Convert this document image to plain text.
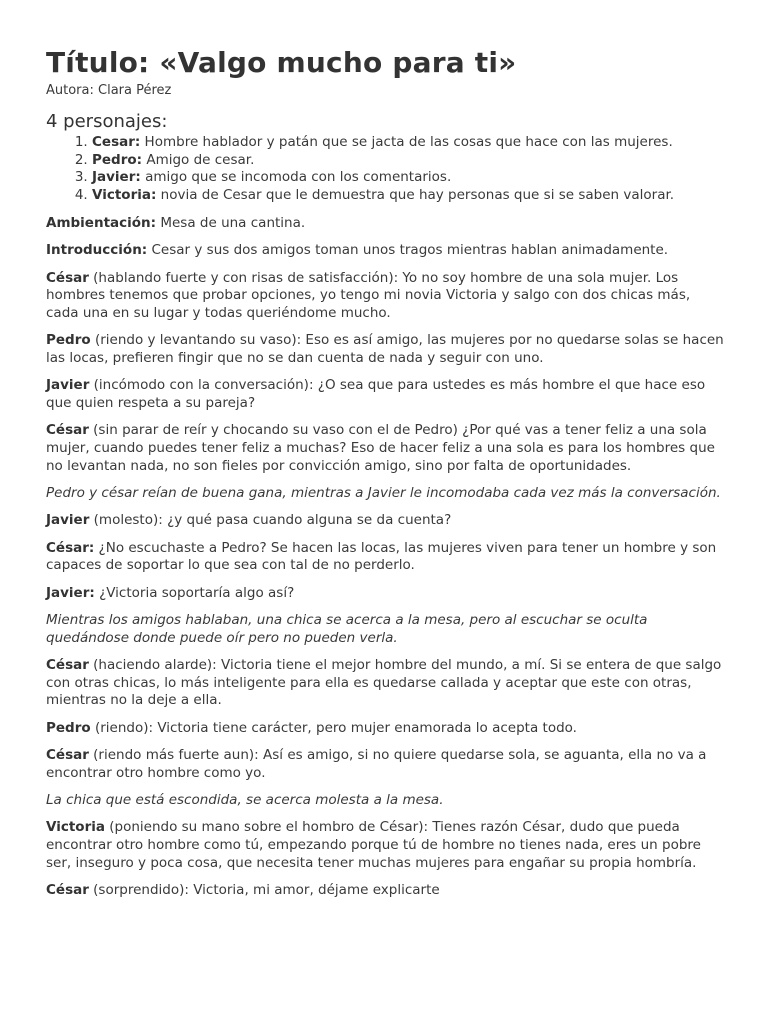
Título: «Valgo mucho para ti»
Autora: Clara Pérez
4 personajes:
1. Cesar: Hombre hablador y patán que se jacta de las cosas que hace con las mujeres.
2. Pedro: Amigo de cesar.
3. Javier: amigo que se incomoda con los comentarios.
4. Victoria: novia de Cesar que le demuestra que hay personas que si se saben valorar.

Ambientación: Mesa de una cantina.

Introducción: Cesar y sus dos amigos toman unos tragos mientras hablan animadamente.

César (hablando fuerte y con risas de satisfacción): Yo no soy hombre de una sola mujer. Los hombres tenemos que probar opciones, yo tengo mi novia Victoria y salgo con dos chicas más, cada una en su lugar y todas queriéndome mucho.

Pedro (riendo y levantando su vaso): Eso es así amigo, las mujeres por no quedarse solas se hacen las locas, prefieren fingir que no se dan cuenta de nada y seguir con uno.

Javier (incómodo con la conversación): ¿O sea que para ustedes es más hombre el que hace eso que quien respeta a su pareja?

César (sin parar de reír y chocando su vaso con el de Pedro) ¿Por qué vas a tener feliz a una sola mujer, cuando puedes tener feliz a muchas? Eso de hacer feliz a una sola es para los hombres que no levantan nada, no son fieles por convicción amigo, sino por falta de oportunidades.

Pedro y césar reían de buena gana, mientras a Javier le incomodaba cada vez más la conversación.

Javier (molesto): ¿y qué pasa cuando alguna se da cuenta?

César: ¿No escuchaste a Pedro? Se hacen las locas, las mujeres viven para tener un hombre y son capaces de soportar lo que sea con tal de no perderlo.

Javier: ¿Victoria soportaría algo así?

Mientras los amigos hablaban, una chica se acerca a la mesa, pero al escuchar se oculta quedándose donde puede oír pero no pueden verla.

César (haciendo alarde): Victoria tiene el mejor hombre del mundo, a mí. Si se entera de que salgo con otras chicas, lo más inteligente para ella es quedarse callada y aceptar que este con otras, mientras no la deje a ella.

Pedro (riendo): Victoria tiene carácter, pero mujer enamorada lo acepta todo.

César (riendo más fuerte aun): Así es amigo, si no quiere quedarse sola, se aguanta, ella no va a encontrar otro hombre como yo.

La chica que está escondida, se acerca molesta a la mesa.

Victoria (poniendo su mano sobre el hombro de César): Tienes razón César, dudo que pueda encontrar otro hombre como tú, empezando porque tú de hombre no tienes nada, eres un pobre ser, inseguro y poca cosa, que necesita tener muchas mujeres para engañar su propia hombría.

César (sorprendido): Victoria, mi amor, déjame explicarte
